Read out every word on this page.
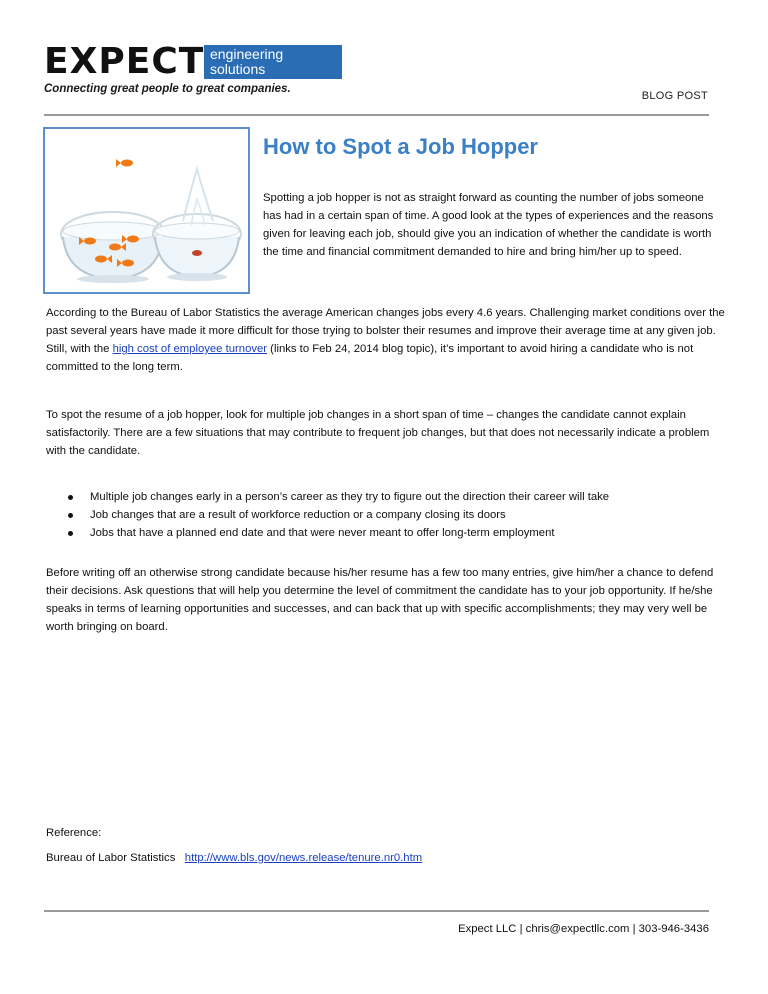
EXPECT engineering
solutions
Connecting great people to great companies.
BLOG POST
How to Spot a Job Hopper
Spotting a job hopper is not as straight forward as counting the number of jobs someone has had in a certain span of time. A good look at the types of experiences and the reasons given for leaving each job, should give you an indication of whether the candidate is worth the time and financial commitment demanded to hire and bring him/her up to speed.
According to the Bureau of Labor Statistics the average American changes jobs every 4.6 years. Challenging market conditions over the past several years have made it more difficult for those trying to bolster their resumes and improve their average time at any given job. Still, with the high cost of employee turnover (links to Feb 24, 2014 blog topic), it’s important to avoid hiring a candidate who is not committed to the long term.
To spot the resume of a job hopper, look for multiple job changes in a short span of time – changes the candidate cannot explain satisfactorily. There are a few situations that may contribute to frequent job changes, but that does not necessarily indicate a problem with the candidate.
Multiple job changes early in a person’s career as they try to figure out the direction their career will take
Job changes that are a result of workforce reduction or a company closing its doors
Jobs that have a planned end date and that were never meant to offer long-term employment
Before writing off an otherwise strong candidate because his/her resume has a few too many entries, give him/her a chance to defend their decisions. Ask questions that will help you determine the level of commitment the candidate has to your job opportunity. If he/she speaks in terms of learning opportunities and successes, and can back that up with specific accomplishments; they may very well be worth bringing on board.
Reference:
Bureau of Labor Statistics http://www.bls.gov/news.release/tenure.nr0.htm
Expect LLC | chris@expectllc.com | 303-946-3436
